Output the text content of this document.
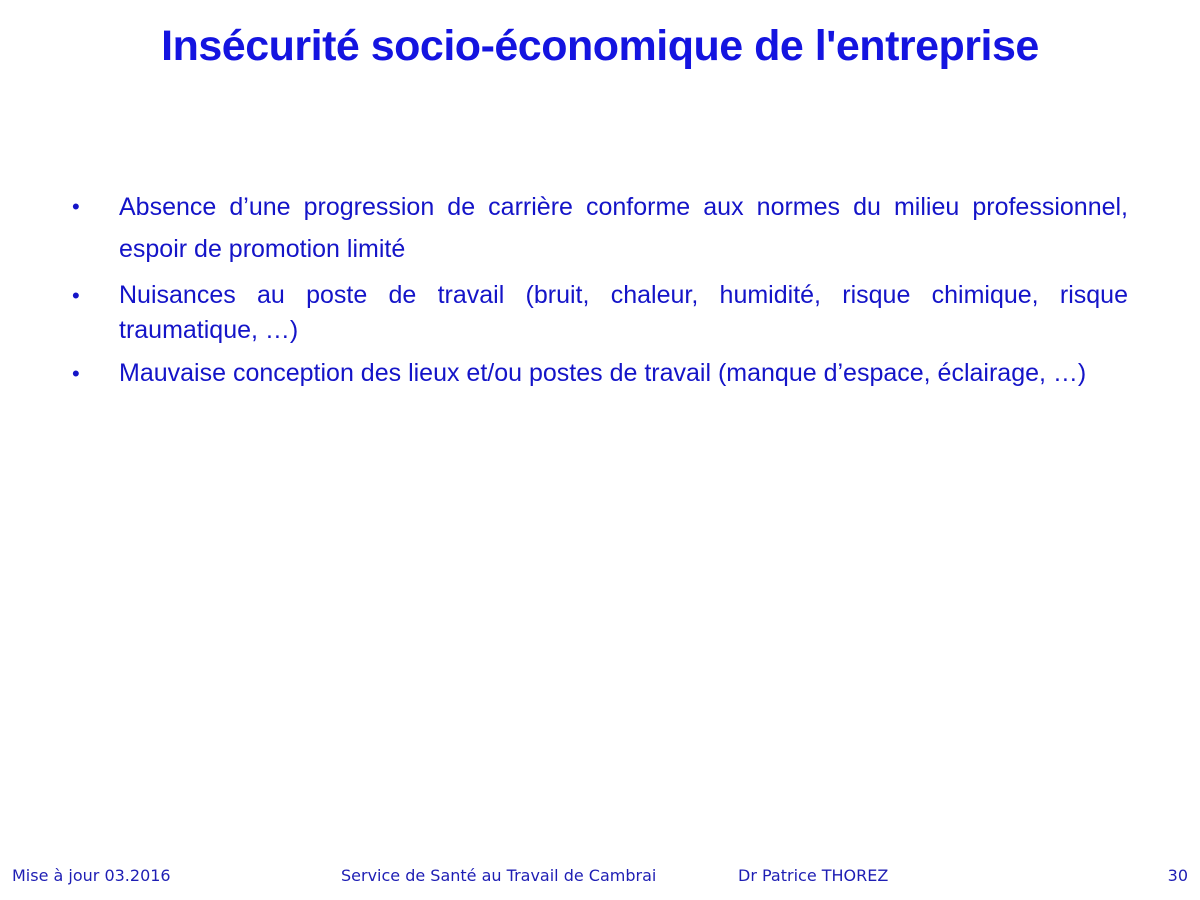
Insécurité socio-économique de l'entreprise
•	Absence d’une progression de carrière conforme aux normes du milieu professionnel, espoir de promotion limité
•	Nuisances au poste de travail (bruit, chaleur, humidité, risque chimique, risque traumatique, …)
•	Mauvaise conception des lieux et/ou postes de travail (manque d’espace, éclairage, …)
Mise à jour 03.2016	Service de Santé au Travail de Cambrai	Dr Patrice THOREZ	30
